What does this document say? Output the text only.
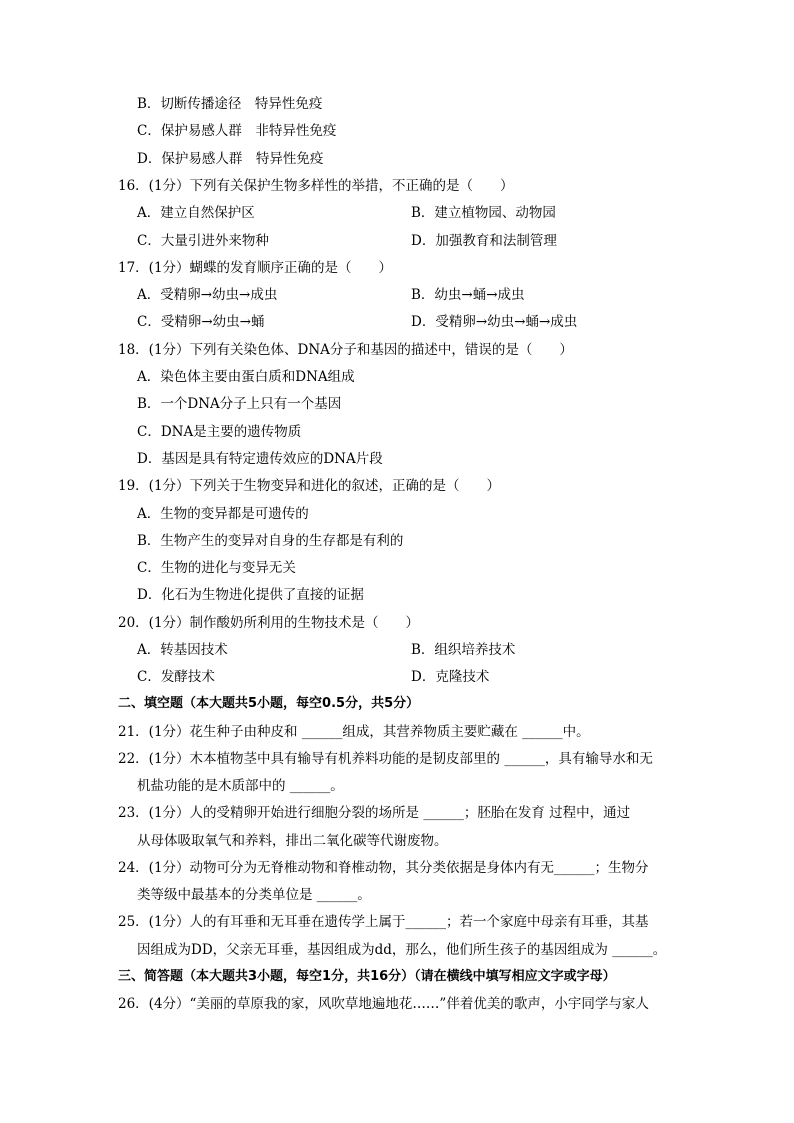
B．切断传播途径　特异性免疫
C．保护易感人群　非特异性免疫
D．保护易感人群　特异性免疫
16．(1分）下列有关保护生物多样性的举措，不正确的是（　　）
A．建立自然保护区	B．建立植物园、动物园
C．大量引进外来物种	D．加强教育和法制管理
17．(1分）蝴蝶的发育顺序正确的是（　　）
A．受精卵→幼虫→成虫	B．幼虫→蛹→成虫
C．受精卵→幼虫→蛹	D．受精卵→幼虫→蛹→成虫
18．(1分）下列有关染色体、DNA分子和基因的描述中，错误的是（　　）
A．染色体主要由蛋白质和DNA组成
B．一个DNA分子上只有一个基因
C．DNA是主要的遗传物质
D．基因是具有特定遗传效应的DNA片段
19．(1分）下列关于生物变异和进化的叙述，正确的是（　　）
A．生物的变异都是可遗传的
B．生物产生的变异对自身的生存都是有利的
C．生物的进化与变异无关
D．化石为生物进化提供了直接的证据
20．(1分）制作酸奶所利用的生物技术是（　　）
A．转基因技术	B．组织培养技术
C．发酵技术	D．克隆技术
二、填空题（本大题共5小题，每空0.5分，共5分）
21．(1分）花生种子由种皮和 ______组成，其营养物质主要贮藏在 ______中。
22．(1分）木本植物茎中具有输导有机养料功能的是韧皮部里的 ______，具有输导水和无
机盐功能的是木质部中的 ______。
23．(1分）人的受精卵开始进行细胞分裂的场所是 ______；胚胎在发育 过程中，通过
从母体吸取氧气和养料，排出二氧化碳等代谢废物。
24．(1分）动物可分为无脊椎动物和脊椎动物，其分类依据是身体内有无______；生物分
类等级中最基本的分类单位是 ______。
25．(1分）人的有耳垂和无耳垂在遗传学上属于______；若一个家庭中母亲有耳垂，其基
因组成为DD，父亲无耳垂，基因组成为dd，那么，他们所生孩子的基因组成为 ______。
三、简答题（本大题共3小题，每空1分，共16分）（请在横线中填写相应文字或字母）
26．(4分）“美丽的草原我的家，风吹草地遍地花……”伴着优美的歌声，小宇同学与家人
